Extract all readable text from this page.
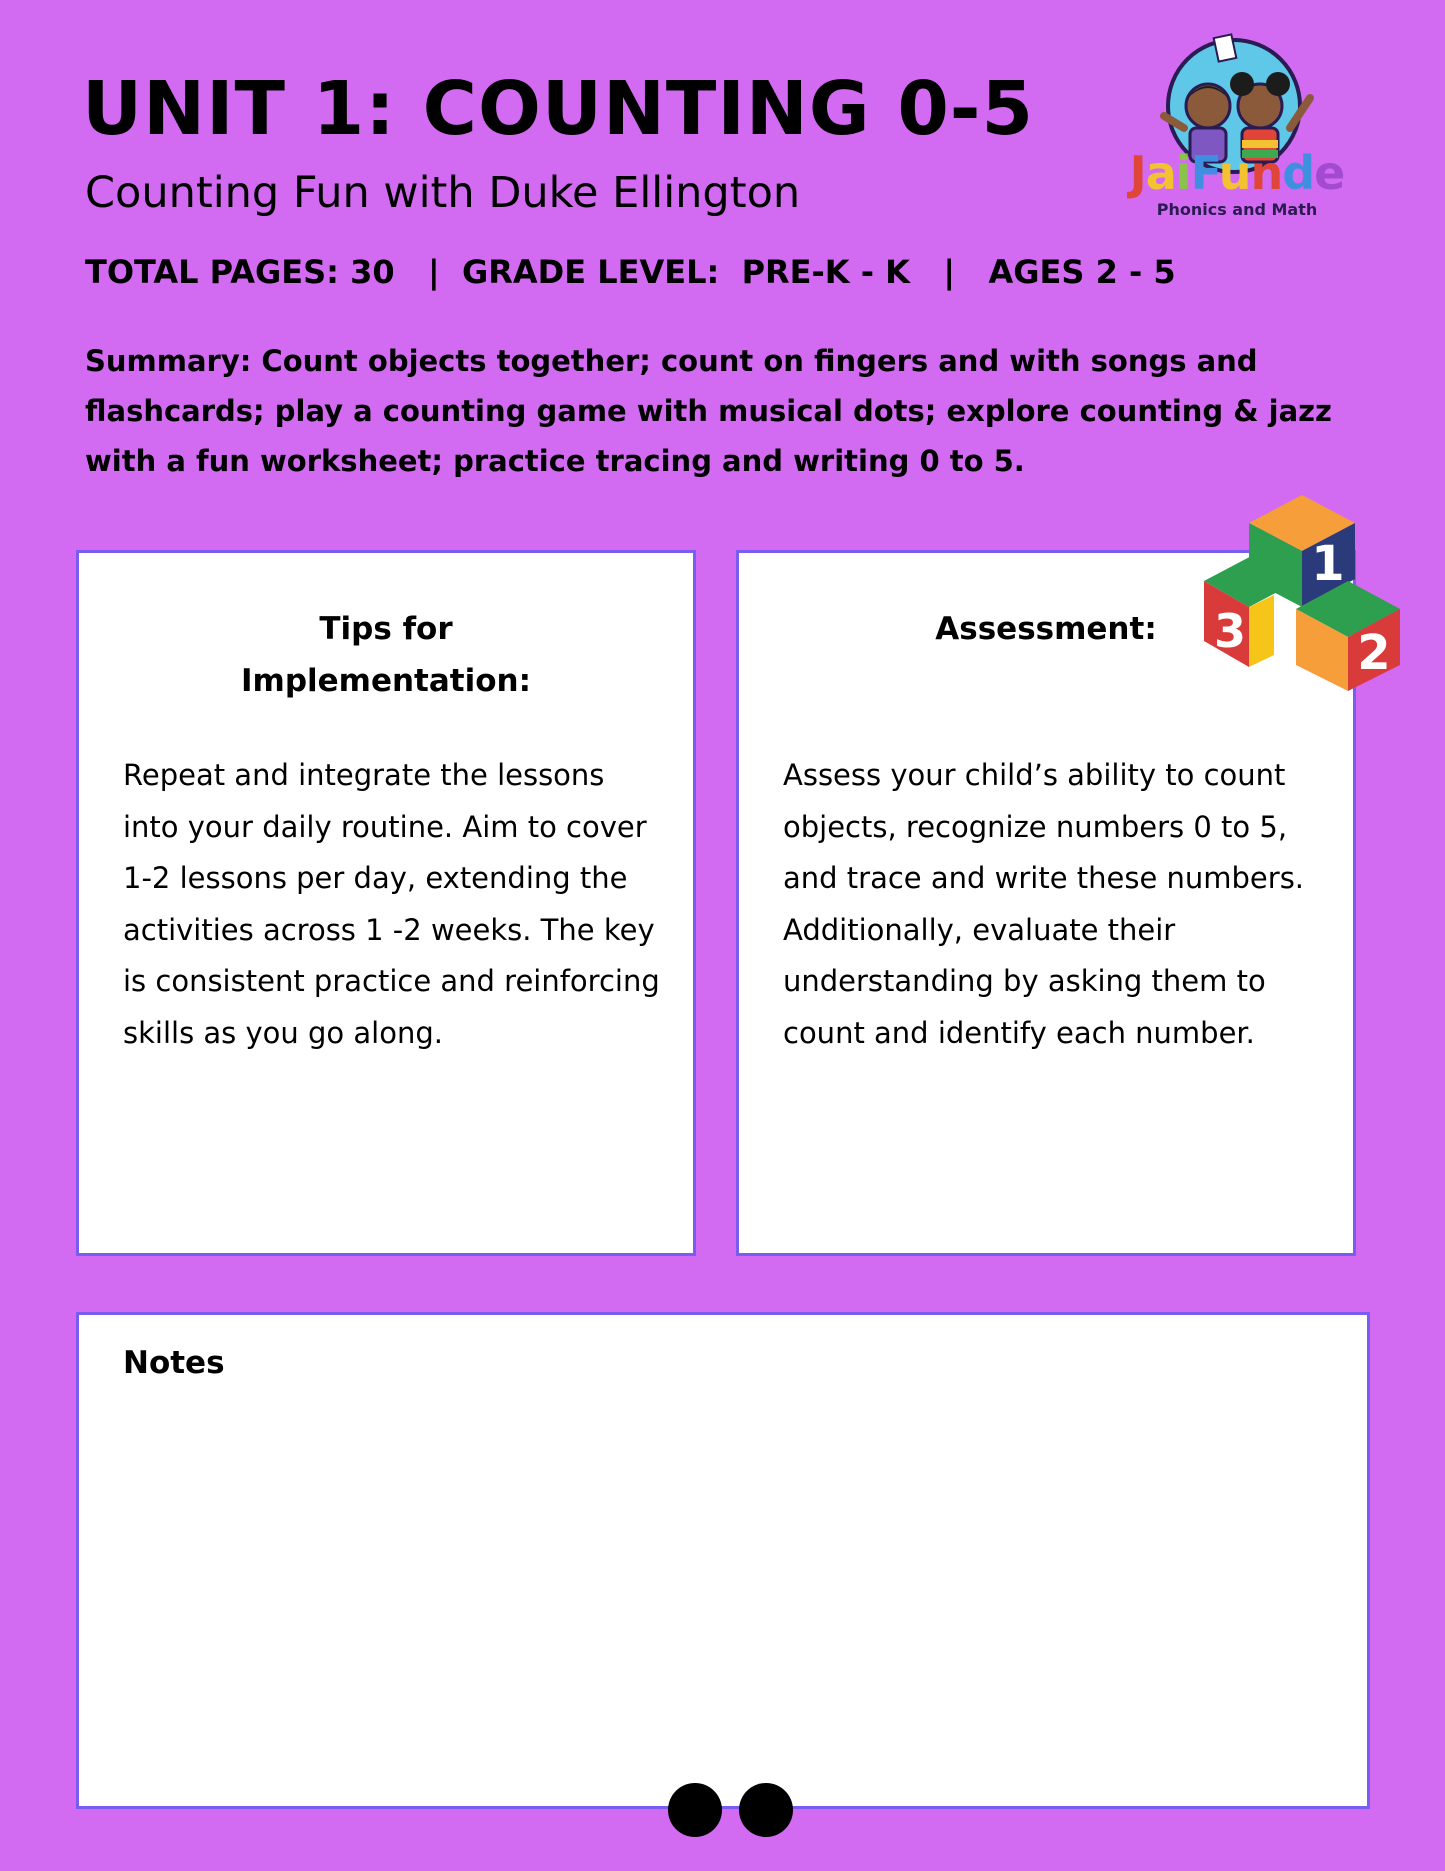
UNIT 1: COUNTING 0-5

Counting Fun with Duke Ellington

TOTAL PAGES: 30   |  GRADE LEVEL:  PRE-K - K   |   AGES 2 - 5
Summary: Count objects together; count on fingers and with songs and flashcards; play a counting game with musical dots; explore counting & jazz with a fun worksheet; practice tracing and writing 0 to 5.
JaiFunde
Phonics and Math
Tips for
Implementation:
Repeat and integrate the lessons into your daily routine. Aim to cover 1-2 lessons per day, extending the activities across 1 -2 weeks. The key is consistent practice and reinforcing skills as you go along.
Assessment:
Assess your child’s ability to count objects, recognize numbers 0 to 5, and trace and write these numbers. Additionally, evaluate their understanding by asking them to count and identify each number.
1
3 2
Notes
